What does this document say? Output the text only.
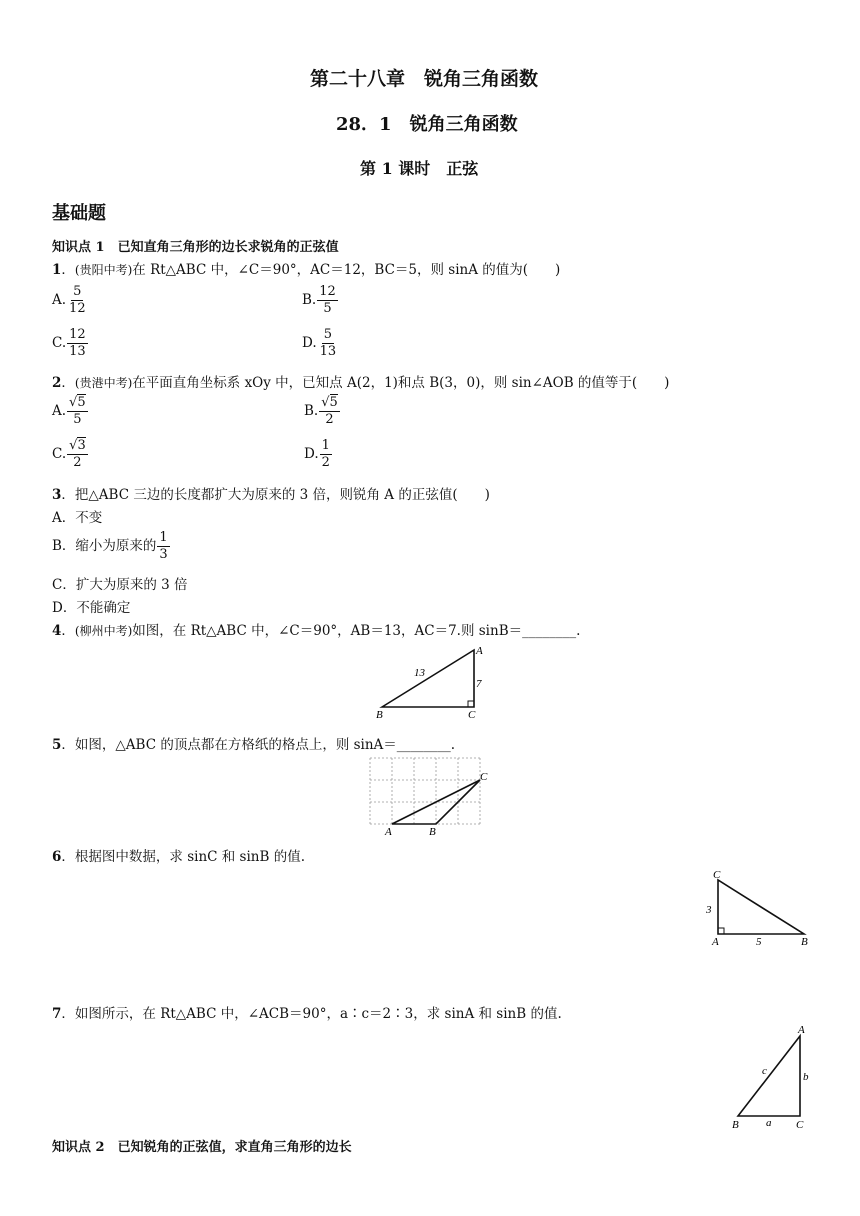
第二十八章　锐角三角函数
28．1　锐角三角函数
第 1 课时　正弦
基础题
知识点 1　已知直角三角形的边长求锐角的正弦值
1．(贵阳中考)在 Rt△ABC 中，∠C＝90°，AC＝12，BC＝5，则 sinA 的值为(　　)
A. $\frac{5}{12}$	B. $\frac{12}{5}$
C. $\frac{12}{13}$	D. $\frac{5}{13}$
2．(贵港中考)在平面直角坐标系 xOy 中，已知点 A(2，1)和点 B(3，0)，则 sin∠AOB 的值等于(　　)
A. $\frac{√5}{5}$	B. $\frac{√5}{2}$
C. $\frac{√3}{2}$	D. $\frac{1}{2}$
3．把△ABC 三边的长度都扩大为原来的 3 倍，则锐角 A 的正弦值(　　)
A．不变
B．缩小为原来的 $\frac{1}{3}$
C．扩大为原来的 3 倍
D．不能确定
4．(柳州中考)如图，在 Rt△ABC 中，∠C＝90°，AB＝13，AC＝7.则 sinB＝________.
13
7
A
B	C
5．如图，△ABC 的顶点都在方格纸的格点上，则 sinA＝________.
A	B
C
6．根据图中数据，求 sinC 和 sinB 的值.
3
5
C
A	B
7．如图所示，在 Rt△ABC 中，∠ACB＝90°，a∶c＝2∶3，求 sinA 和 sinB 的值.
A
B	C
c	b
a
知识点 2　已知锐角的正弦值，求直角三角形的边长
